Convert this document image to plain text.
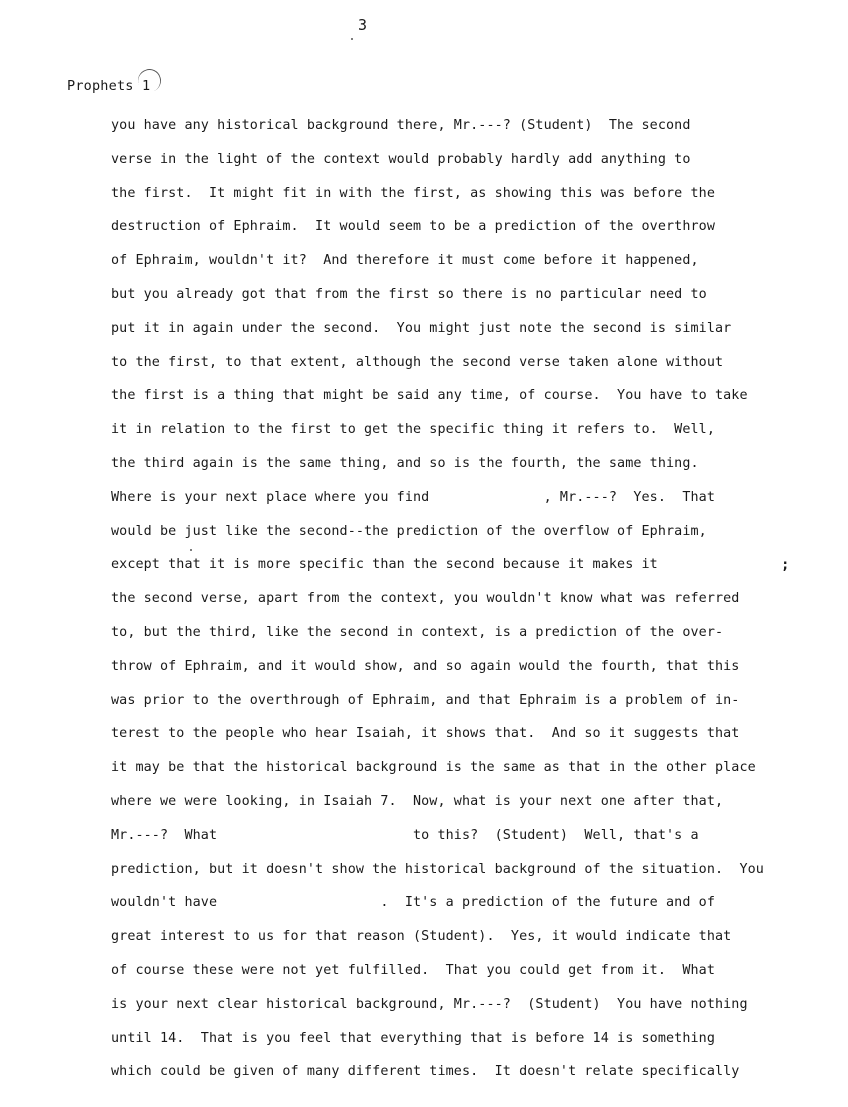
3
Prophets 1
you have any historical background there, Mr.---? (Student)  The second
verse in the light of the context would probably hardly add anything to
the first.  It might fit in with the first, as showing this was before the
destruction of Ephraim.  It would seem to be a prediction of the overthrow
of Ephraim, wouldn't it?  And therefore it must come before it happened,
but you already got that from the first so there is no particular need to
put it in again under the second.  You might just note the second is similar
to the first, to that extent, although the second verse taken alone without
the first is a thing that might be said any time, of course.  You have to take
it in relation to the first to get the specific thing it refers to.  Well,
the third again is the same thing, and so is the fourth, the same thing.
Where is your next place where you find              , Mr.---?  Yes.  That
would be just like the second--the prediction of the overflow of Ephraim,
except that it is more specific than the second because it makes it
the second verse, apart from the context, you wouldn't know what was referred
to, but the third, like the second in context, is a prediction of the over-
throw of Ephraim, and it would show, and so again would the fourth, that this
was prior to the overthrough of Ephraim, and that Ephraim is a problem of in-
terest to the people who hear Isaiah, it shows that.  And so it suggests that
it may be that the historical background is the same as that in the other place
where we were looking, in Isaiah 7.  Now, what is your next one after that,
Mr.---?  What                        to this?  (Student)  Well, that's a
prediction, but it doesn't show the historical background of the situation.  You
wouldn't have                    .  It's a prediction of the future and of
great interest to us for that reason (Student).  Yes, it would indicate that
of course these were not yet fulfilled.  That you could get from it.  What
is your next clear historical background, Mr.---?  (Student)  You have nothing
until 14.  That is you feel that everything that is before 14 is something
which could be given of many different times.  It doesn't relate specifically
;
